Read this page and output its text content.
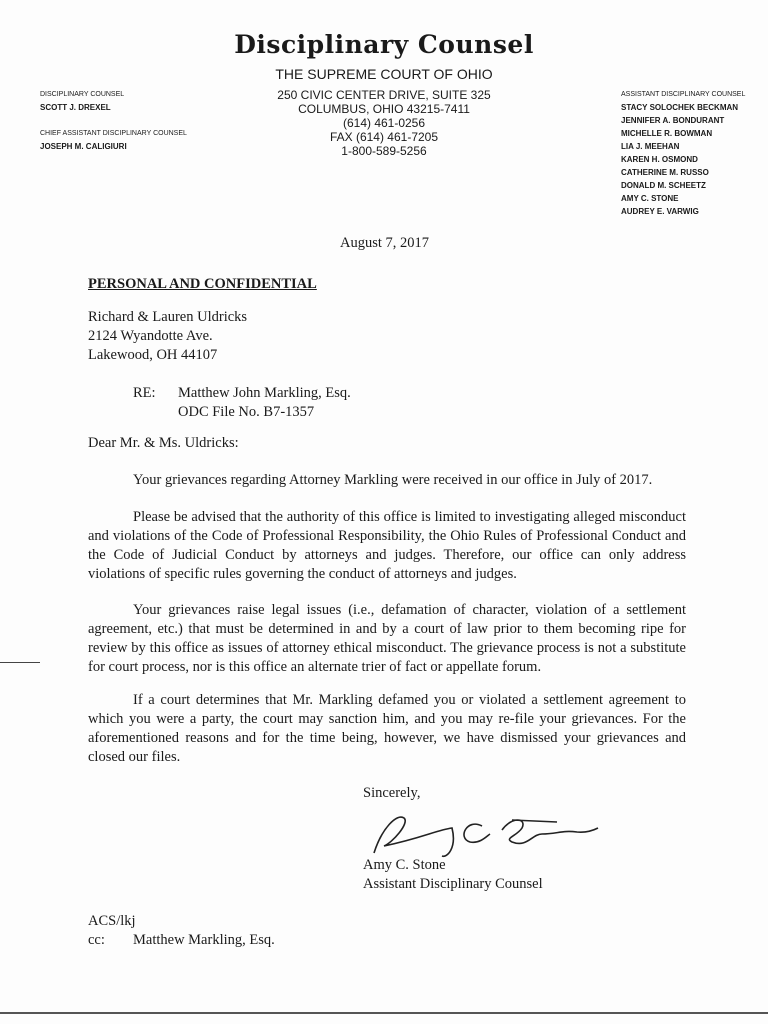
Disciplinary Counsel
THE SUPREME COURT OF OHIO
250 CIVIC CENTER DRIVE, SUITE 325
COLUMBUS, OHIO 43215-7411
(614) 461-0256
FAX (614) 461-7205
1-800-589-5256
DISCIPLINARY COUNSEL
SCOTT J. DREXEL
CHIEF ASSISTANT DISCIPLINARY COUNSEL
JOSEPH M. CALIGIURI
ASSISTANT DISCIPLINARY COUNSEL
STACY SOLOCHEK BECKMAN
JENNIFER A. BONDURANT
MICHELLE R. BOWMAN
LIA J. MEEHAN
KAREN H. OSMOND
CATHERINE M. RUSSO
DONALD M. SCHEETZ
AMY C. STONE
AUDREY E. VARWIG
August 7, 2017
PERSONAL AND CONFIDENTIAL
Richard & Lauren Uldricks
2124 Wyandotte Ave.
Lakewood, OH 44107
RE: Matthew John Markling, Esq.
ODC File No. B7-1357
Dear Mr. & Ms. Uldricks:
Your grievances regarding Attorney Markling were received in our office in July of 2017.
Please be advised that the authority of this office is limited to investigating alleged misconduct and violations of the Code of Professional Responsibility, the Ohio Rules of Professional Conduct and the Code of Judicial Conduct by attorneys and judges. Therefore, our office can only address violations of specific rules governing the conduct of attorneys and judges.
Your grievances raise legal issues (i.e., defamation of character, violation of a settlement agreement, etc.) that must be determined in and by a court of law prior to them becoming ripe for review by this office as issues of attorney ethical misconduct. The grievance process is not a substitute for court process, nor is this office an alternate trier of fact or appellate forum.
If a court determines that Mr. Markling defamed you or violated a settlement agreement to which you were a party, the court may sanction him, and you may re-file your grievances. For the aforementioned reasons and for the time being, however, we have dismissed your grievances and closed our files.
Sincerely,
Amy C. Stone
Assistant Disciplinary Counsel
ACS/lkj
cc: Matthew Markling, Esq.
